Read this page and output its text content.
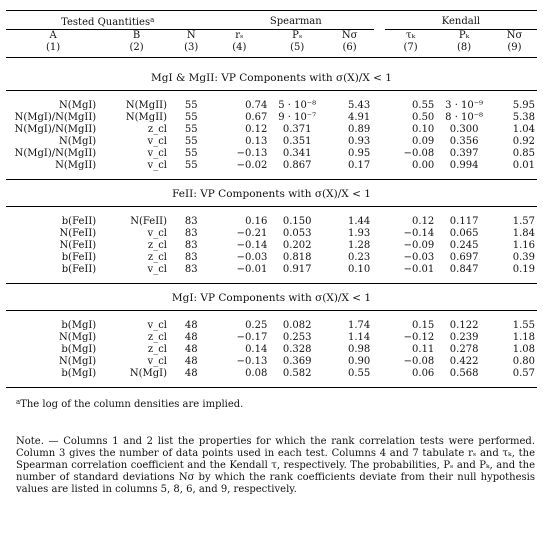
Tested Quantities$^a$			Spearman				Kendall		
A	B	N	rₛ	Pₛ	Nσ		τₖ	Pₖ	Nσ
(1)	(2)	(3)	(4)	(5)	(6)		(7)	(8)	(9)

MgI & MgII: VP Components with σ(X)/X < 1									

N(MgI)	N(MgII)	55	0.74	5 · 10⁻⁸	5.43		0.55	3 · 10⁻⁹	5.95
N(MgI)/N(MgII)	N(MgII)	55	0.67	9 · 10⁻⁷	4.91		0.50	8 · 10⁻⁸	5.38
N(MgI)/N(MgII)	z_cl	55	0.12	0.371	0.89		0.10	0.300	1.04
N(MgI)	v_cl	55	0.13	0.351	0.93		0.09	0.356	0.92
N(MgI)/N(MgII)	v_cl	55	−0.13	0.341	0.95		−0.08	0.397	0.85
N(MgII)	v_cl	55	−0.02	0.867	0.17		0.00	0.994	0.01

FeII: VP Components with σ(X)/X < 1									

b(FeII)	N(FeII)	83	0.16	0.150	1.44		0.12	0.117	1.57
N(FeII)	v_cl	83	−0.21	0.053	1.93		−0.14	0.065	1.84
N(FeII)	z_cl	83	−0.14	0.202	1.28		−0.09	0.245	1.16
b(FeII)	z_cl	83	−0.03	0.818	0.23		−0.03	0.697	0.39
b(FeII)	v_cl	83	−0.01	0.917	0.10		−0.01	0.847	0.19

MgI: VP Components with σ(X)/X < 1									

b(MgI)	v_cl	48	0.25	0.082	1.74		0.15	0.122	1.55
N(MgI)	z_cl	48	−0.17	0.253	1.14		−0.12	0.239	1.18
b(MgI)	z_cl	48	0.14	0.328	0.98		0.11	0.278	1.08
N(MgI)	v_cl	48	−0.13	0.369	0.90		−0.08	0.422	0.80
b(MgI)	N(MgI)	48	0.08	0.582	0.55		0.06	0.568	0.57

$^a$The log of the column densities are implied.
Note. — Columns 1 and 2 list the properties for which the rank correlation tests were performed. Column 3 gives the number of data points used in each test. Columns 4 and 7 tabulate rₛ and τₖ, the Spearman correlation coefficient and the Kendall τ, respectively. The probabilities, Pₛ and Pₖ, and the number of standard deviations Nσ by which the rank coefficients deviate from their null hypothesis values are listed in columns 5, 8, 6, and 9, respectively.
